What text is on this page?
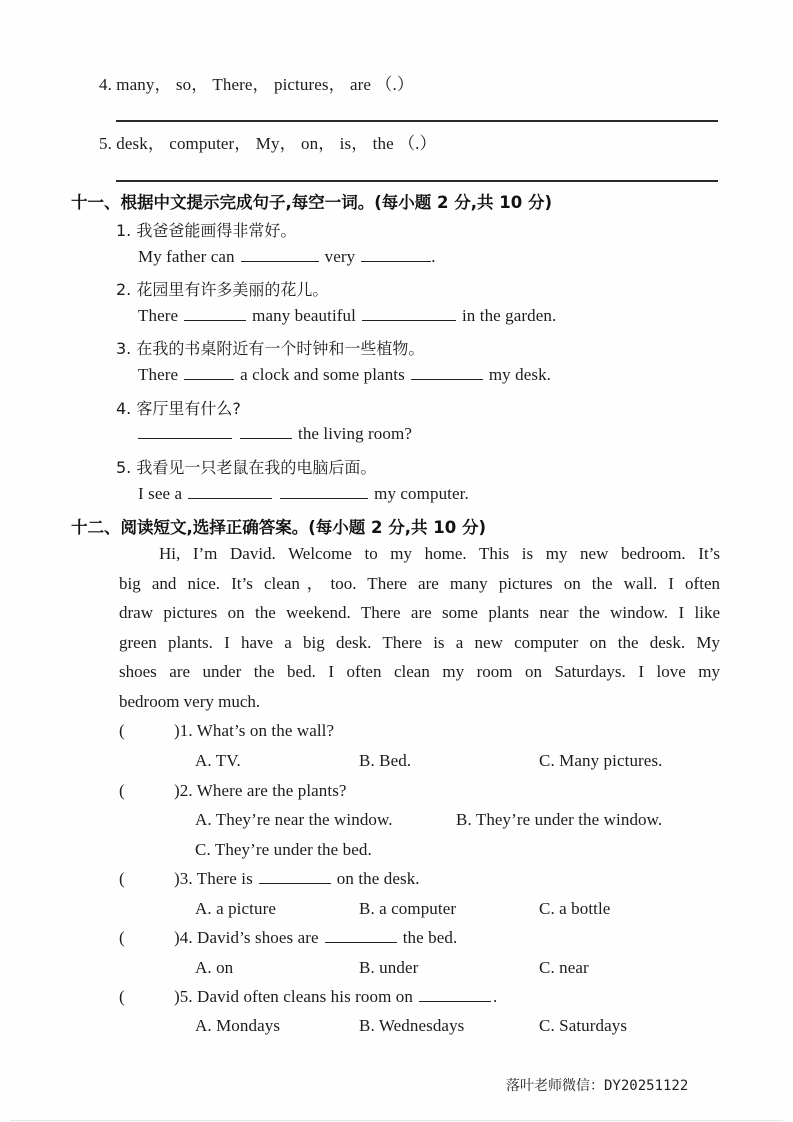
4. many， so， There， pictures， are （.）
5. desk， computer， My， on， is， the （.）
十一、根据中文提示完成句子,每空一词。(每小题 2 分,共 10 分)
1. 我爸爸能画得非常好。
My father can	very	.
2. 花园里有许多美丽的花儿。
There	many beautiful	in the garden.
3. 在我的书桌附近有一个时钟和一些植物。
There	a clock and some plants	my desk.
4. 客厅里有什么?
the living room?
5. 我看见一只老鼠在我的电脑后面。
I see a	my computer.
十二、阅读短文,选择正确答案。(每小题 2 分,共 10 分)
Hi, I’m David. Welcome to my home. This is my new bedroom. It’s
big and nice. It’s clean，too. There are many pictures on the wall. I often
draw pictures on the weekend. There are some plants near the window. I like
green plants. I have a big desk. There is a new computer on the desk. My
shoes are under the bed. I often clean my room on Saturdays. I love my
bedroom very much.
(	)1. What’s on the wall?
A. TV.	B. Bed.	C. Many pictures.
(	)2. Where are the plants?
A. They’re near the window.	B. They’re under the window.
C. They’re under the bed.
(	)3. There is	on the desk.
A. a picture	B. a computer	C. a bottle
(	)4. David’s shoes are	the bed.
A. on	B. under	C. near
(	)5. David often cleans his room on	.
A. Mondays	B. Wednesdays	C. Saturdays
落叶老师微信：DY20251122
